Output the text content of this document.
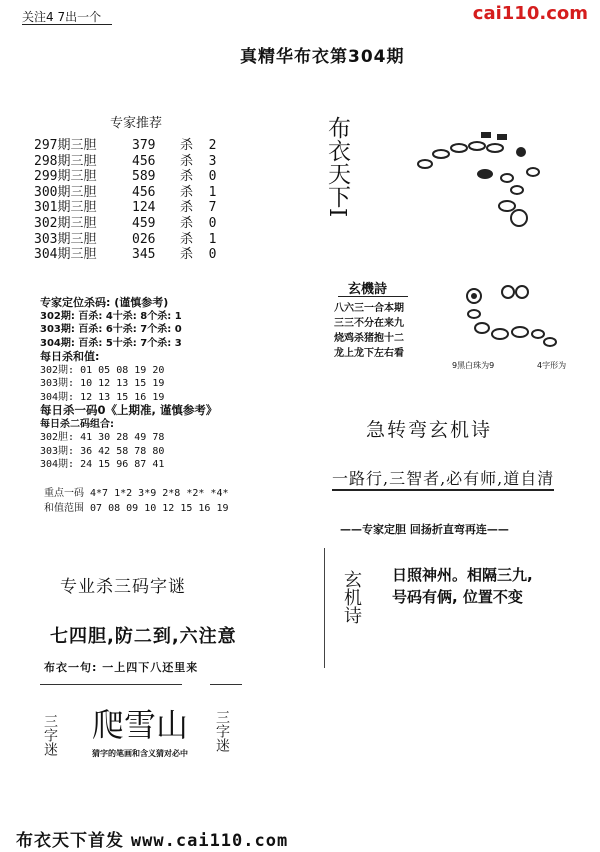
关注4 7出一个	cai110.com
真精华布衣第304期
专家推荐
297期三胆	379 杀 2
298期三胆	456 杀 3
299期三胆	589 杀 0
300期三胆	456 杀 1
301期三胆	124 杀 7
302期三胆	459 杀 0
303期三胆	026 杀 1
304期三胆	345 杀 0
专家定位杀码: (谨慎参考)
302期: 百杀: 4十杀: 8个杀: 1
303期: 百杀: 6十杀: 7个杀: 0
304期: 百杀: 5十杀: 7个杀: 3
每日杀和值:
302期: 01 05 08 19 20
303期: 10 12 13 15 19
304期: 12 13 15 16 19
每日杀一码0《上期准, 谨慎参考》
每日杀二码组合:
302胆: 41 30 28 49 78
303期: 36 42 58 78 80
304期: 24 15 96 87 41
重点一码 4*7 1*2 3*9 2*8 *2* *4*
和值范围 07 08 09 10 12 15 16 19
专业杀三码字谜
七四胆,防二到,六注意
布衣一句: 一上四下八还里来
三字迷 爬雪山
猜字的笔画和含义猜对必中
三字迷
布衣天下I
玄機詩
八六三一合本期
三三不分在来九
烧鸡杀猪抱十二
龙上龙下左右看
9黑白珠为9	4字形为
急转弯玄机诗
一路行,三智者,必有师,道自清
——专家定胆 回扬折直弯再连——
玄机诗 日照神州。相隔三九,
号码有俩, 位置不变
布衣天下首发 www.cai110.com
